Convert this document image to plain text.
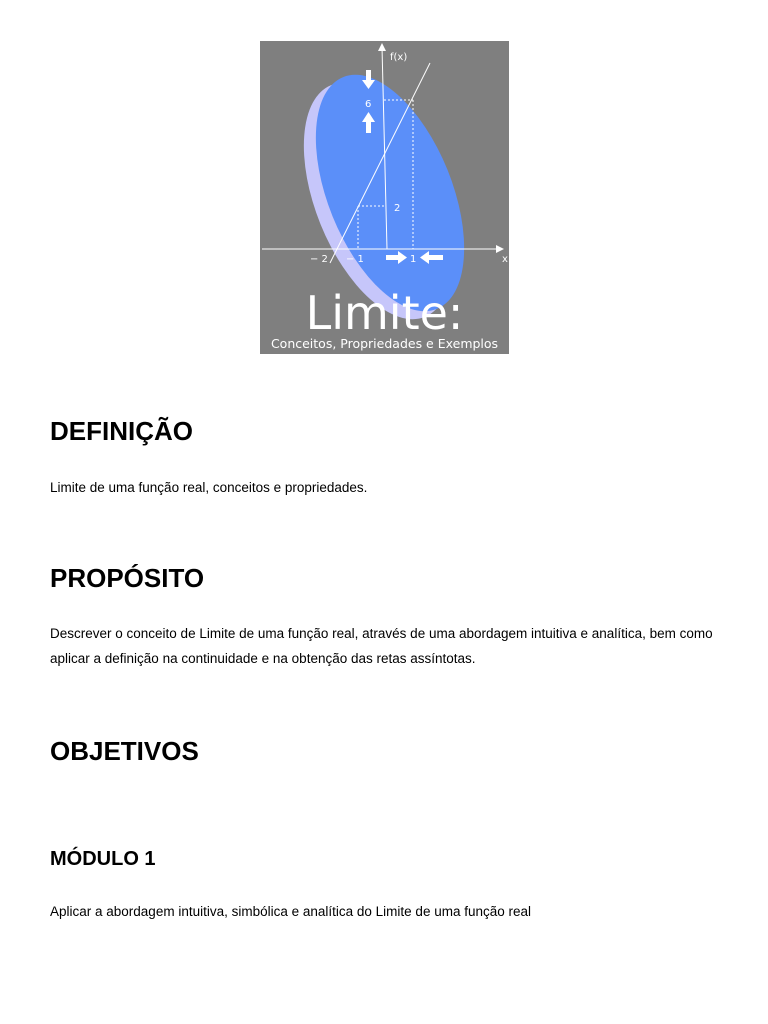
f(x)
x
6
2
− 2 − 1	1
Limite:
Conceitos, Propriedades e Exemplos
DEFINIÇÃO

Limite de uma função real, conceitos e propriedades.

PROPÓSITO

Descrever o conceito de Limite de uma função real, através de uma abordagem intuitiva e analítica, bem como aplicar a definição na continuidade e na obtenção das retas assíntotas.

OBJETIVOS
MÓDULO 1

Aplicar a abordagem intuitiva, simbólica e analítica do Limite de uma função real
